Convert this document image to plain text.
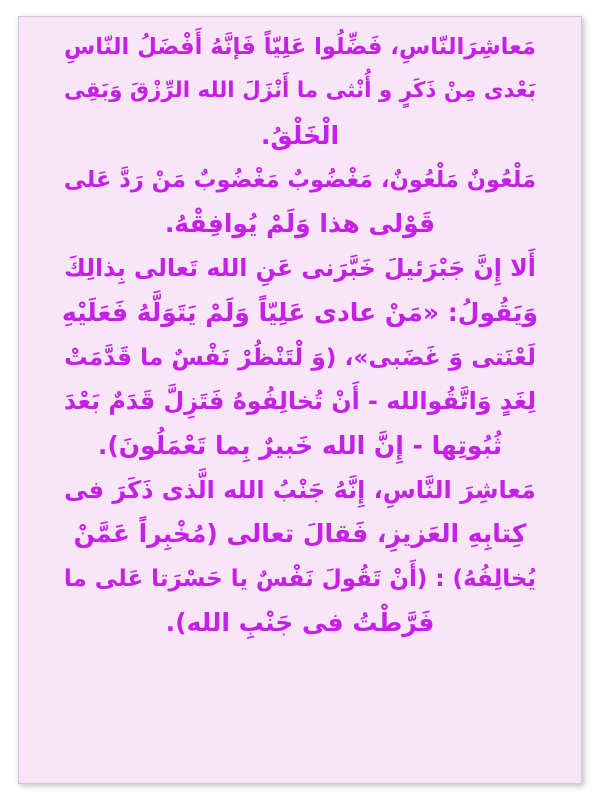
مَعاشِرَالنّاسِ، فَضِّلُوا عَلِیّاً فَإنَّهُ أَفْضَلُ النّاسِ
بَعْدی مِنْ ذَكَرٍ و أُنْثی ما أَنْزَلَ الله الرِّزْقَ وَبَقِی
الْخَلْقُ.
مَلْعُونٌ مَلْعُونٌ، مَغْضُوبٌ مَغْضُوبٌ مَنْ رَدَّ عَلی
قَوْلی هذا وَلَمْ یُوافِقْهُ.
أَلا إِنَّ جَبْرَئیلَ خَبَّرَنی عَنِ الله تَعالی بِذالِكَ
وَیَقُولُ: «مَنْ عادی عَلِیّاً وَلَمْ یَتَوَلَّهُ فَعَلَیْهِ
لَعْنَتی وَ غَضَبی»، (وَ لْتَنْظُرْ نَفْسٌ ما قَدَّمَتْ
لِغَدٍ وَاتَّقُوالله - أَنْ تُخالِفُوهُ فَتَزِلَّ قَدَمٌ بَعْدَ
ثُبُوتِها - إِنَّ الله خَبیرٌ بِما تَعْمَلُونَ).
مَعاشِرَ النَّاسِ، إِنَّهُ جَنْبُ الله الَّذی ذَكَرَ فی
كِتابِهِ العَزیزِ، فَقالَ تعالی (مُخْبِراً عَمَّنْ
یُخالِفُهُ) : (أَنْ تَقُولَ نَفْسٌ یا حَسْرَتا عَلی ما
فَرَّطْتُ فی جَنْبِ الله).
